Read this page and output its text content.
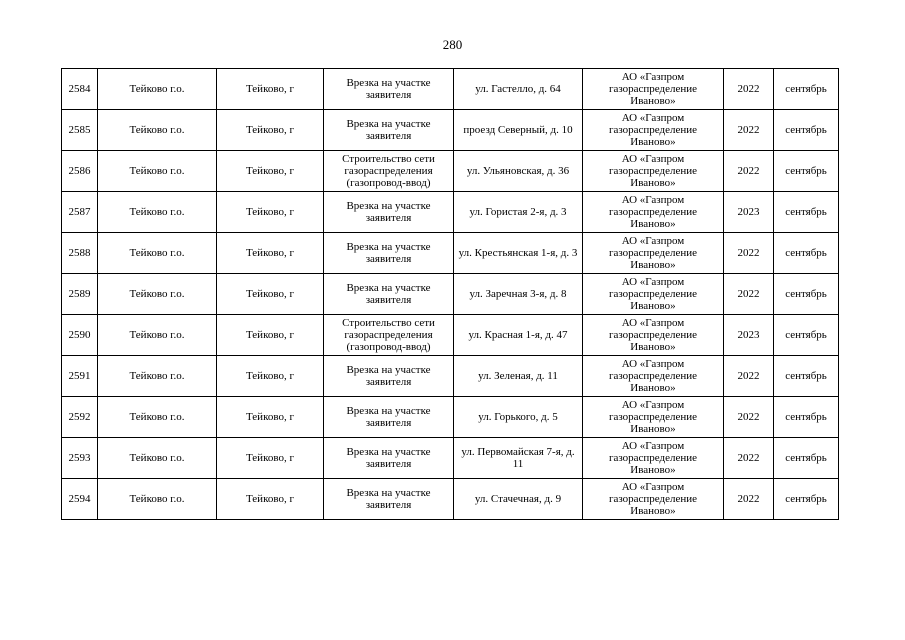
280
2584	Тейково г.о.	Тейково, г	Врезка на участке заявителя	ул. Гастелло, д. 64	АО «Газпром газораспределение Иваново»	2022	сентябрь
2585	Тейково г.о.	Тейково, г	Врезка на участке заявителя	проезд Северный, д. 10	АО «Газпром газораспределение Иваново»	2022	сентябрь
2586	Тейково г.о.	Тейково, г	Строительство сети газораспределения (газопровод-ввод)	ул. Ульяновская, д. 36	АО «Газпром газораспределение Иваново»	2022	сентябрь
2587	Тейково г.о.	Тейково, г	Врезка на участке заявителя	ул. Гористая 2-я, д. 3	АО «Газпром газораспределение Иваново»	2023	сентябрь
2588	Тейково г.о.	Тейково, г	Врезка на участке заявителя	ул. Крестьянская 1-я, д. 3	АО «Газпром газораспределение Иваново»	2022	сентябрь
2589	Тейково г.о.	Тейково, г	Врезка на участке заявителя	ул. Заречная 3-я, д. 8	АО «Газпром газораспределение Иваново»	2022	сентябрь
2590	Тейково г.о.	Тейково, г	Строительство сети газораспределения (газопровод-ввод)	ул. Красная 1-я, д. 47	АО «Газпром газораспределение Иваново»	2023	сентябрь
2591	Тейково г.о.	Тейково, г	Врезка на участке заявителя	ул. Зеленая, д. 11	АО «Газпром газораспределение Иваново»	2022	сентябрь
2592	Тейково г.о.	Тейково, г	Врезка на участке заявителя	ул. Горького, д. 5	АО «Газпром газораспределение Иваново»	2022	сентябрь
2593	Тейково г.о.	Тейково, г	Врезка на участке заявителя	ул. Первомайская 7-я, д. 11	АО «Газпром газораспределение Иваново»	2022	сентябрь
2594	Тейково г.о.	Тейково, г	Врезка на участке заявителя	ул. Стачечная, д. 9	АО «Газпром газораспределение Иваново»	2022	сентябрь
